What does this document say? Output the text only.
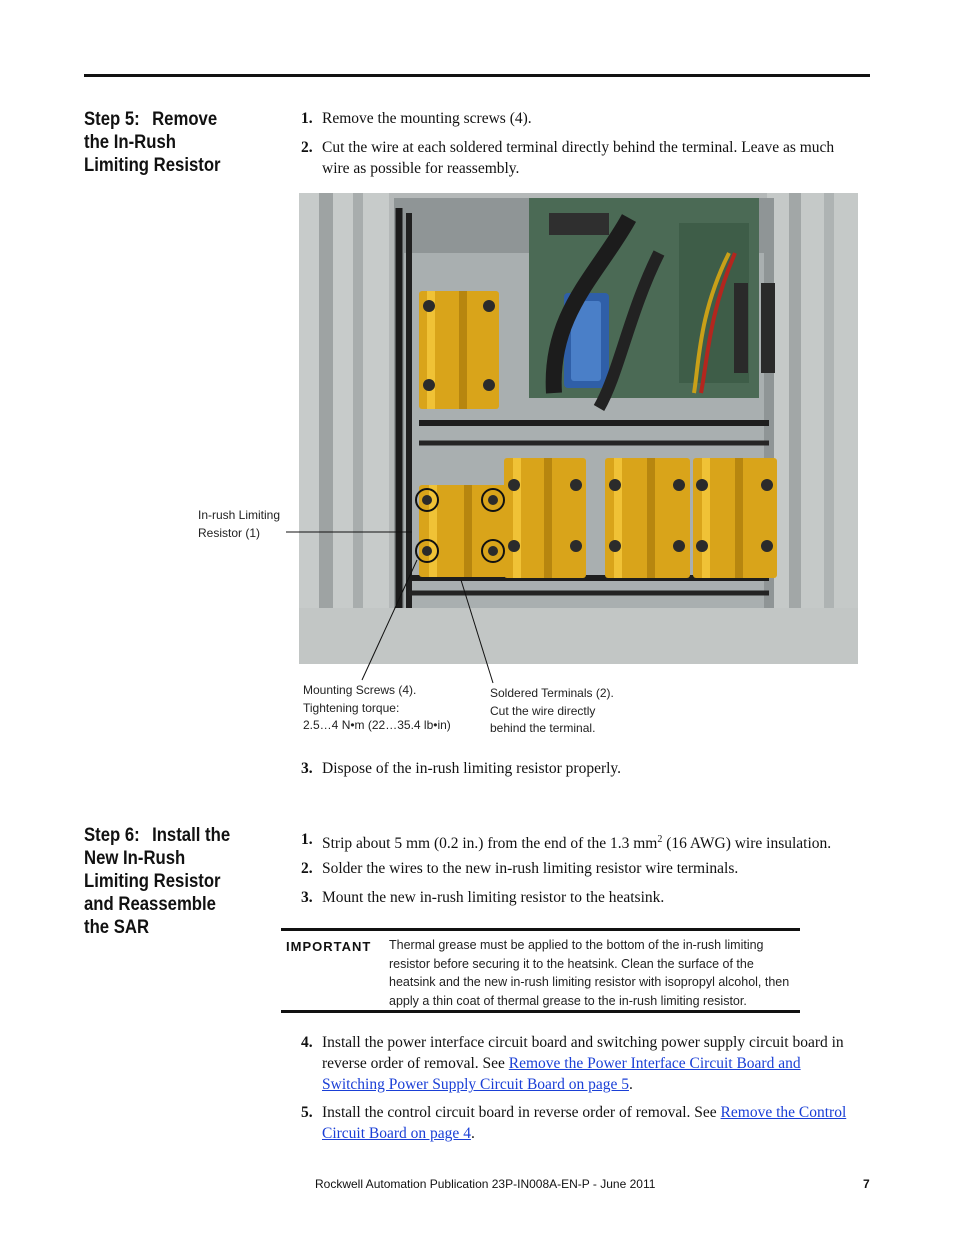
Step 5: Remove the In-Rush Limiting Resistor
1. Remove the mounting screws (4).
2. Cut the wire at each soldered terminal directly behind the terminal. Leave as much wire as possible for reassembly.
In-rush Limiting
Resistor (1)
Mounting Screws (4).
Tightening torque:
2.5…4 N•m (22…35.4 lb•in)
Soldered Terminals (2).
Cut the wire directly
behind the terminal.
3. Dispose of the in-rush limiting resistor properly.
Step 6: Install the New In-Rush Limiting Resistor and Reassemble the SAR
1. Strip about 5 mm (0.2 in.) from the end of the 1.3 $mm^2$ (16 AWG) wire insulation.
2. Solder the wires to the new in-rush limiting resistor wire terminals.
3. Mount the new in-rush limiting resistor to the heatsink.
IMPORTANT Thermal grease must be applied to the bottom of the in-rush limiting resistor before securing it to the heatsink. Clean the surface of the heatsink and the new in-rush limiting resistor with isopropyl alcohol, then apply a thin coat of thermal grease to the in-rush limiting resistor.
4. Install the power interface circuit board and switching power supply circuit board in reverse order of removal. See Remove the Power Interface Circuit Board and Switching Power Supply Circuit Board on page 5.
5. Install the control circuit board in reverse order of removal. See Remove the Control Circuit Board on page 4.
Rockwell Automation Publication 23P-IN008A-EN-P - June 2011	7
